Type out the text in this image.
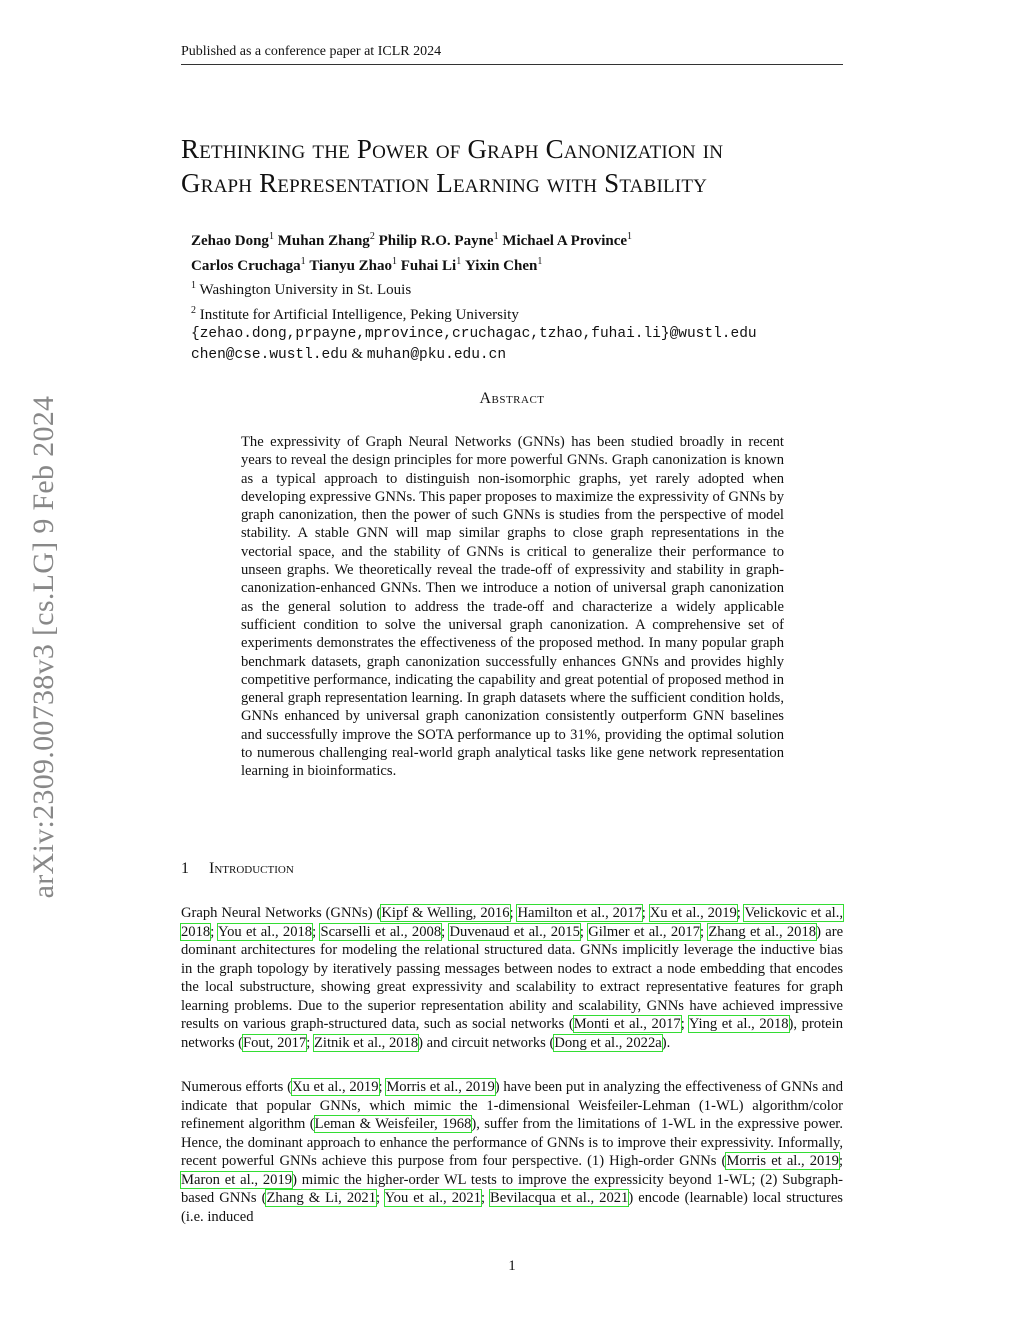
Published as a conference paper at ICLR 2024
Rethinking the Power of Graph Canonization in
Graph Representation Learning with Stability
Zehao Dong$^1$ Muhan Zhang$^2$ Philip R.O. Payne$^1$ Michael A Province$^1$
Carlos Cruchaga$^1$ Tianyu Zhao$^1$ Fuhai Li$^1$ Yixin Chen$^1$
$^1$ Washington University in St. Louis
$^2$ Institute for Artificial Intelligence, Peking University
{zehao.dong,prpayne,mprovince,cruchagac,tzhao,fuhai.li}@wustl.edu
chen@cse.wustl.edu & muhan@pku.edu.cn
arXiv:2309.00738v3 [cs.LG] 9 Feb 2024	Abstract
The expressivity of Graph Neural Networks (GNNs) has been studied broadly in recent years to reveal the design principles for more powerful GNNs. Graph canonization is known as a typical approach to distinguish non-isomorphic graphs, yet rarely adopted when developing expressive GNNs. This paper proposes to maximize the expressivity of GNNs by graph canonization, then the power of such GNNs is studies from the perspective of model stability. A stable GNN will map similar graphs to close graph representations in the vectorial space, and the stability of GNNs is critical to generalize their performance to unseen graphs. We theoretically reveal the trade-off of expressivity and stability in graph-canonization-enhanced GNNs. Then we introduce a notion of universal graph canonization as the general solution to address the trade-off and characterize a widely applicable sufficient condition to solve the universal graph canonization. A comprehensive set of experiments demonstrates the effectiveness of the proposed method. In many popular graph benchmark datasets, graph canonization successfully enhances GNNs and provides highly competitive performance, indicating the capability and great potential of proposed method in general graph representation learning. In graph datasets where the sufficient condition holds, GNNs enhanced by universal graph canonization consistently outperform GNN baselines and successfully improve the SOTA performance up to 31%, providing the optimal solution to numerous challenging real-world graph analytical tasks like gene network representation learning in bioinformatics.
1 Introduction
Graph Neural Networks (GNNs) (Kipf & Welling, 2016; Hamilton et al., 2017; Xu et al., 2019; Velickovic et al., 2018; You et al., 2018; Scarselli et al., 2008; Duvenaud et al., 2015; Gilmer et al., 2017; Zhang et al., 2018) are dominant architectures for modeling the relational structured data. GNNs implicitly leverage the inductive bias in the graph topology by iteratively passing messages between nodes to extract a node embedding that encodes the local substructure, showing great expressivity and scalability to extract representative features for graph learning problems. Due to the superior representation ability and scalability, GNNs have achieved impressive results on various graph-structured data, such as social networks (Monti et al., 2017; Ying et al., 2018), protein networks (Fout, 2017; Zitnik et al., 2018) and circuit networks (Dong et al., 2022a).
Numerous efforts (Xu et al., 2019; Morris et al., 2019) have been put in analyzing the effectiveness of GNNs and indicate that popular GNNs, which mimic the 1-dimensional Weisfeiler-Lehman (1-WL) algorithm/color refinement algorithm (Leman & Weisfeiler, 1968), suffer from the limitations of 1-WL in the expressive power. Hence, the dominant approach to enhance the performance of GNNs is to improve their expressivity. Informally, recent powerful GNNs achieve this purpose from four perspective. (1) High-order GNNs (Morris et al., 2019; Maron et al., 2019) mimic the higher-order WL tests to improve the expressicity beyond 1-WL; (2) Subgraph-based GNNs (Zhang & Li, 2021; You et al., 2021; Bevilacqua et al., 2021) encode (learnable) local structures (i.e. induced
1
